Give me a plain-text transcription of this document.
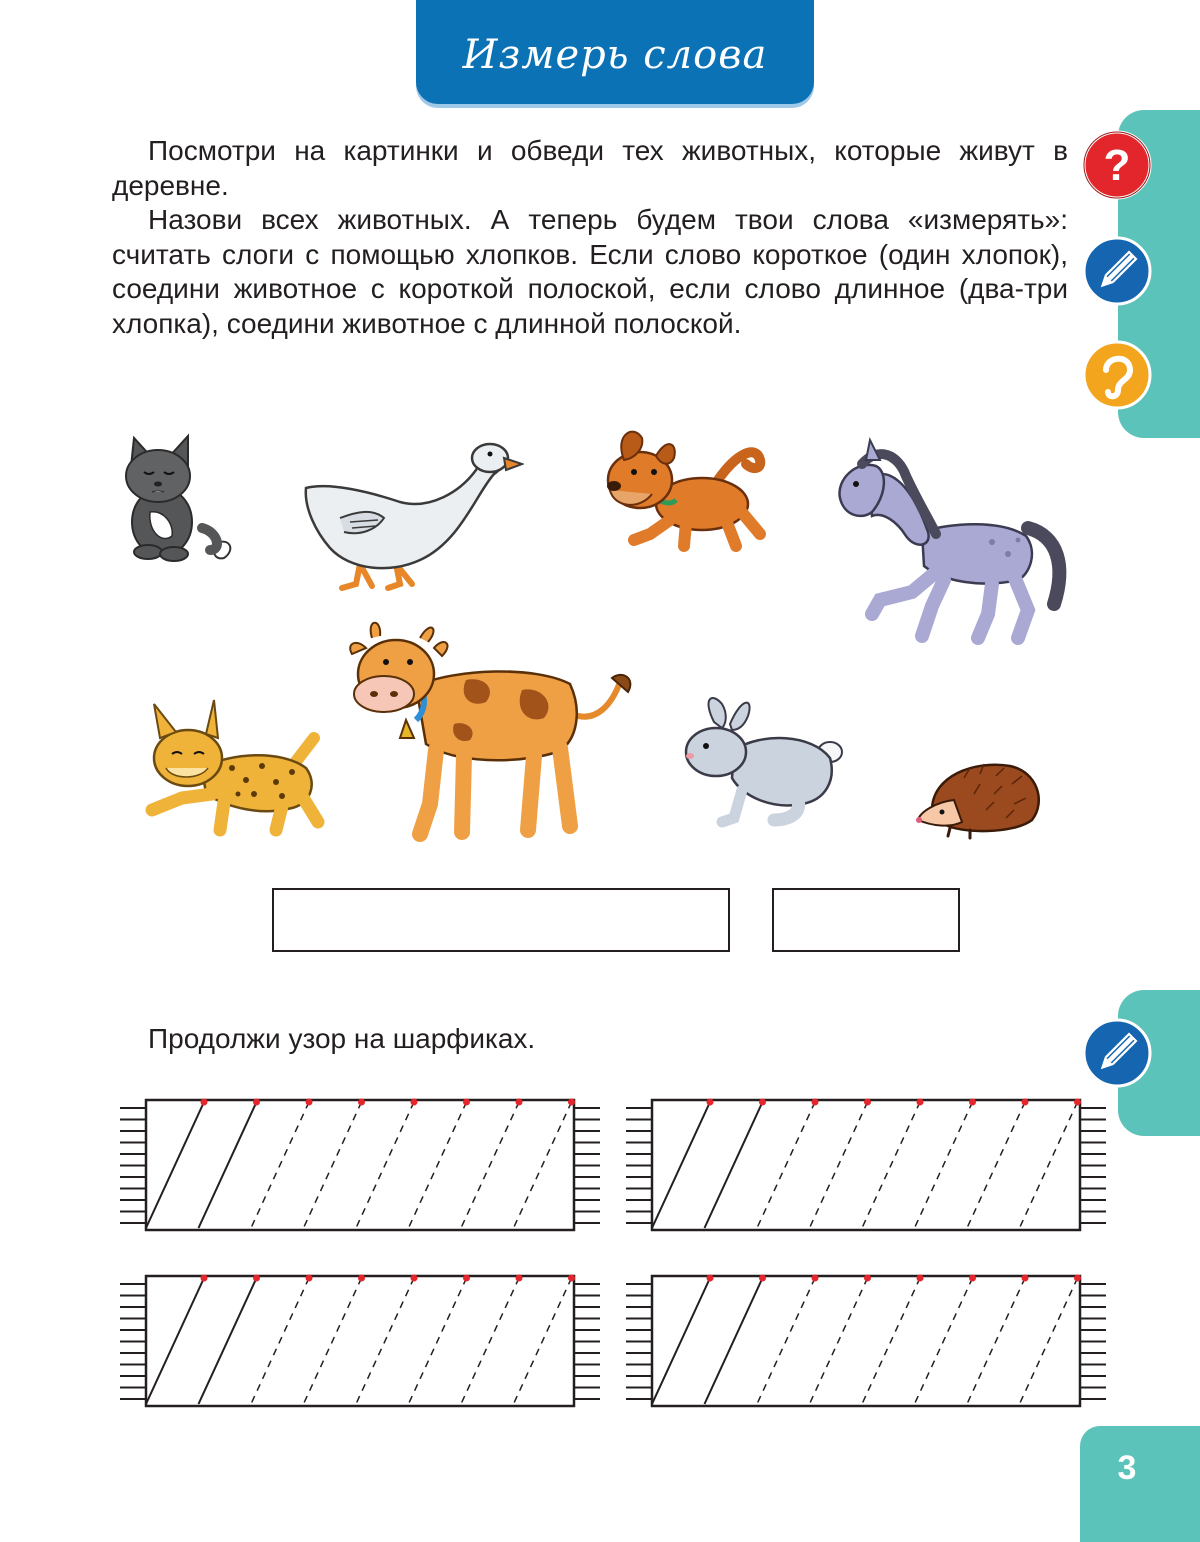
Измерь слова
3
?

Посмотри на картинки и обведи тех животных, которые живут в деревне.

Назови всех животных. А теперь будем твои слова «измерять»: считать слоги с помощью хлопков. Если слово короткое (один хлопок), соедини животное с короткой полоской, если слово длинное (два-три хлопка), соедини животное с длинной полоской.

Продолжи узор на шарфиках.
